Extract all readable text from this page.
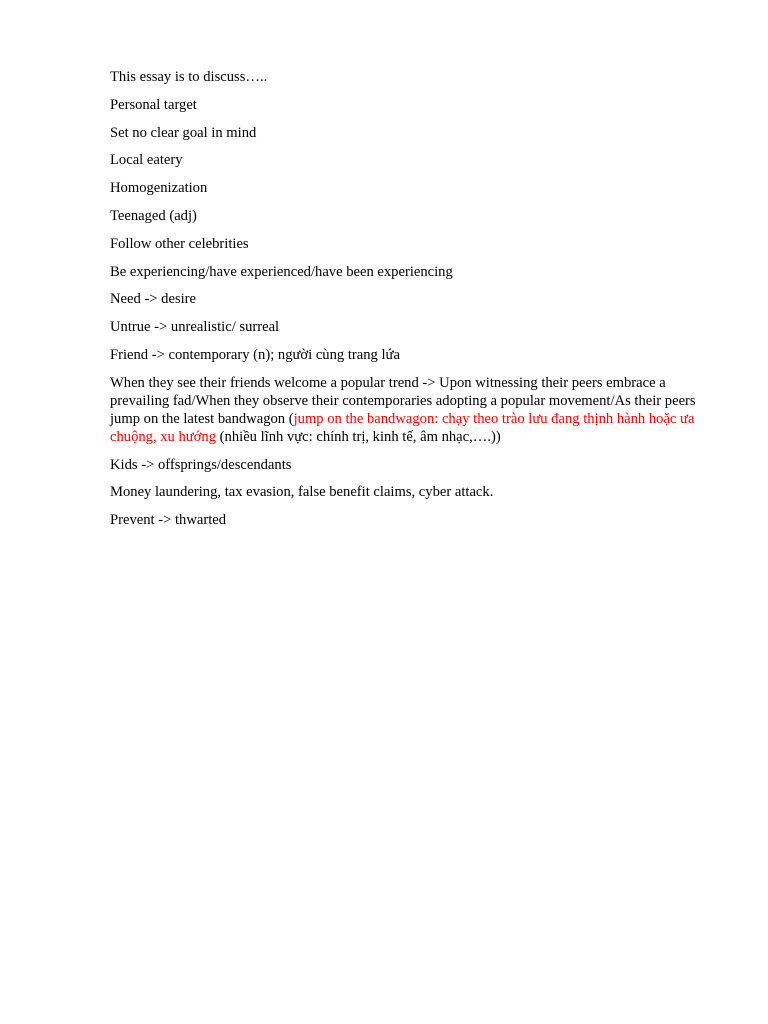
This essay is to discuss…..

Personal target

Set no clear goal in mind

Local eatery

Homogenization

Teenaged (adj)

Follow other celebrities

Be experiencing/have experienced/have been experiencing

Need -> desire

Untrue -> unrealistic/ surreal

Friend -> contemporary (n); người cùng trang lứa

When they see their friends welcome a popular trend -> Upon witnessing their peers embrace a prevailing fad/When they observe their contemporaries adopting a popular movement/As their peers jump on the latest bandwagon (jump on the bandwagon: chạy theo trào lưu đang thịnh hành hoặc ưa chuộng, xu hướng (nhiều lĩnh vực: chính trị, kinh tế, âm nhạc,….))

Kids -> offsprings/descendants

Money laundering, tax evasion, false benefit claims, cyber attack.

Prevent -> thwarted
